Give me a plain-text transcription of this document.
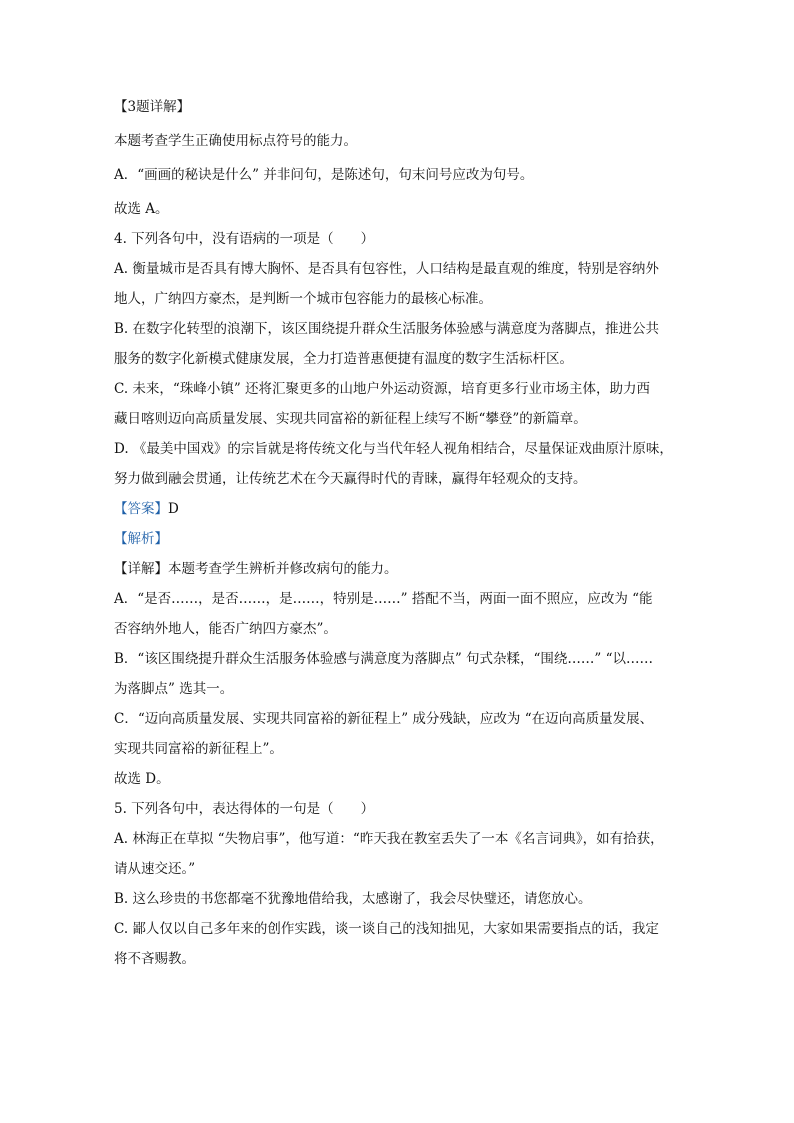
【3题详解】

本题考查学生正确使用标点符号的能力。

A．“画画的秘诀是什么” 并非问句，是陈述句，句末问号应改为句号。

故选 A。

4. 下列各句中，没有语病的一项是（　　）

A. 衡量城市是否具有博大胸怀、是否具有包容性，人口结构是最直观的维度，特别是容纳外

地人，广纳四方豪杰，是判断一个城市包容能力的最核心标准。

B. 在数字化转型的浪潮下，该区围绕提升群众生活服务体验感与满意度为落脚点，推进公共

服务的数字化新模式健康发展，全力打造普惠便捷有温度的数字生活标杆区。

C. 未来，“珠峰小镇” 还将汇聚更多的山地户外运动资源，培育更多行业市场主体，助力西

藏日喀则迈向高质量发展、实现共同富裕的新征程上续写不断“攀登”的新篇章。

D. 《最美中国戏》的宗旨就是将传统文化与当代年轻人视角相结合，尽量保证戏曲原汁原味，

努力做到融会贯通，让传统艺术在今天赢得时代的青睐，赢得年轻观众的支持。

【答案】D

【解析】

【详解】本题考查学生辨析并修改病句的能力。

A．“是否……，是否……，是……，特别是……” 搭配不当，两面一面不照应，应改为 “能

否容纳外地人，能否广纳四方豪杰”。

B．“该区围绕提升群众生活服务体验感与满意度为落脚点” 句式杂糅，“围绕……” “以……

为落脚点” 选其一。

C．“迈向高质量发展、实现共同富裕的新征程上” 成分残缺，应改为 “在迈向高质量发展、

实现共同富裕的新征程上”。

故选 D。

5. 下列各句中，表达得体的一句是（　　）

A. 林海正在草拟 “失物启事”，他写道：“昨天我在教室丢失了一本《名言词典》，如有拾获，

请从速交还。”

B. 这么珍贵的书您都毫不犹豫地借给我，太感谢了，我会尽快璧还，请您放心。

C. 鄙人仅以自己多年来的创作实践，谈一谈自己的浅知拙见，大家如果需要指点的话，我定

将不吝赐教。
